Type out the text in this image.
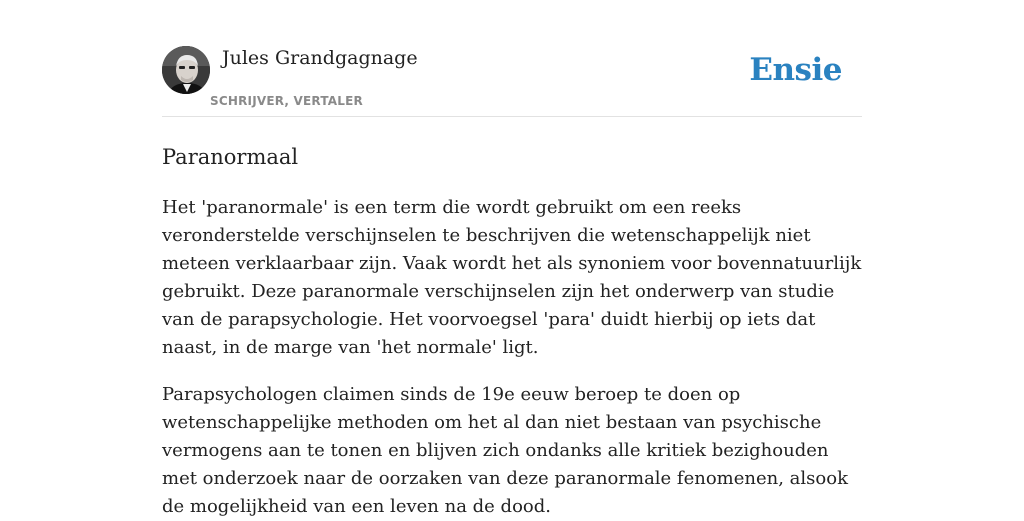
Jules Grandgagnage
SCHRIJVER, VERTALER
Ensie
Paranormaal

Het 'paranormale' is een term die wordt gebruikt om een reeks veronderstelde verschijnselen te beschrijven die wetenschappelijk niet meteen verklaarbaar zijn. Vaak wordt het als synoniem voor bovennatuurlijk gebruikt. Deze paranormale verschijnselen zijn het onderwerp van studie van de parapsychologie. Het voorvoegsel 'para' duidt hierbij op iets dat naast, in de marge van 'het normale' ligt.

Parapsychologen claimen sinds de 19e eeuw beroep te doen op wetenschappelijke methoden om het al dan niet bestaan van psychische vermogens aan te tonen en blijven zich ondanks alle kritiek bezighouden met onderzoek naar de oorzaken van deze paranormale fenomenen, alsook de mogelijkheid van een leven na de dood.
